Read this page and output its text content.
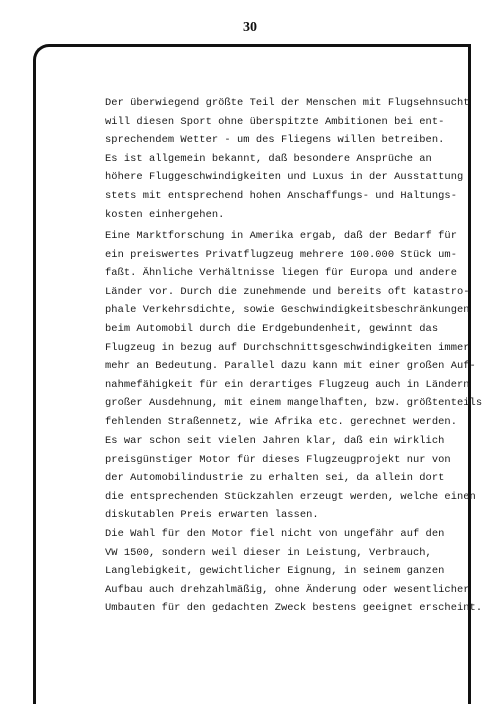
30
Der überwiegend größte Teil der Menschen mit Flugsehnsucht
will diesen Sport ohne überspitzte Ambitionen bei ent-
sprechendem Wetter - um des Fliegens willen betreiben.
Es ist allgemein bekannt, daß besondere Ansprüche an
höhere Fluggeschwindigkeiten und Luxus in der Ausstattung
stets mit entsprechend hohen Anschaffungs- und Haltungs-
kosten einhergehen.
Eine Marktforschung in Amerika ergab, daß der Bedarf für
ein preiswertes Privatflugzeug mehrere 100.000 Stück um-
faßt. Ähnliche Verhältnisse liegen für Europa und andere
Länder vor. Durch die zunehmende und bereits oft katastro-
phale Verkehrsdichte, sowie Geschwindigkeitsbeschränkungen
beim Automobil durch die Erdgebundenheit, gewinnt das
Flugzeug in bezug auf Durchschnittsgeschwindigkeiten immer
mehr an Bedeutung. Parallel dazu kann mit einer großen Auf-
nahmefähigkeit für ein derartiges Flugzeug auch in Ländern
großer Ausdehnung, mit einem mangelhaften, bzw. größtenteils
fehlenden Straßennetz, wie Afrika etc. gerechnet werden.
Es war schon seit vielen Jahren klar, daß ein wirklich
preisgünstiger Motor für dieses Flugzeugprojekt nur von
der Automobilindustrie zu erhalten sei, da allein dort
die entsprechenden Stückzahlen erzeugt werden, welche einen
diskutablen Preis erwarten lassen.
Die Wahl für den Motor fiel nicht von ungefähr auf den
VW 1500, sondern weil dieser in Leistung, Verbrauch,
Langlebigkeit, gewichtlicher Eignung, in seinem ganzen
Aufbau auch drehzahlmäßig, ohne Änderung oder wesentlicher
Umbauten für den gedachten Zweck bestens geeignet erscheint.
